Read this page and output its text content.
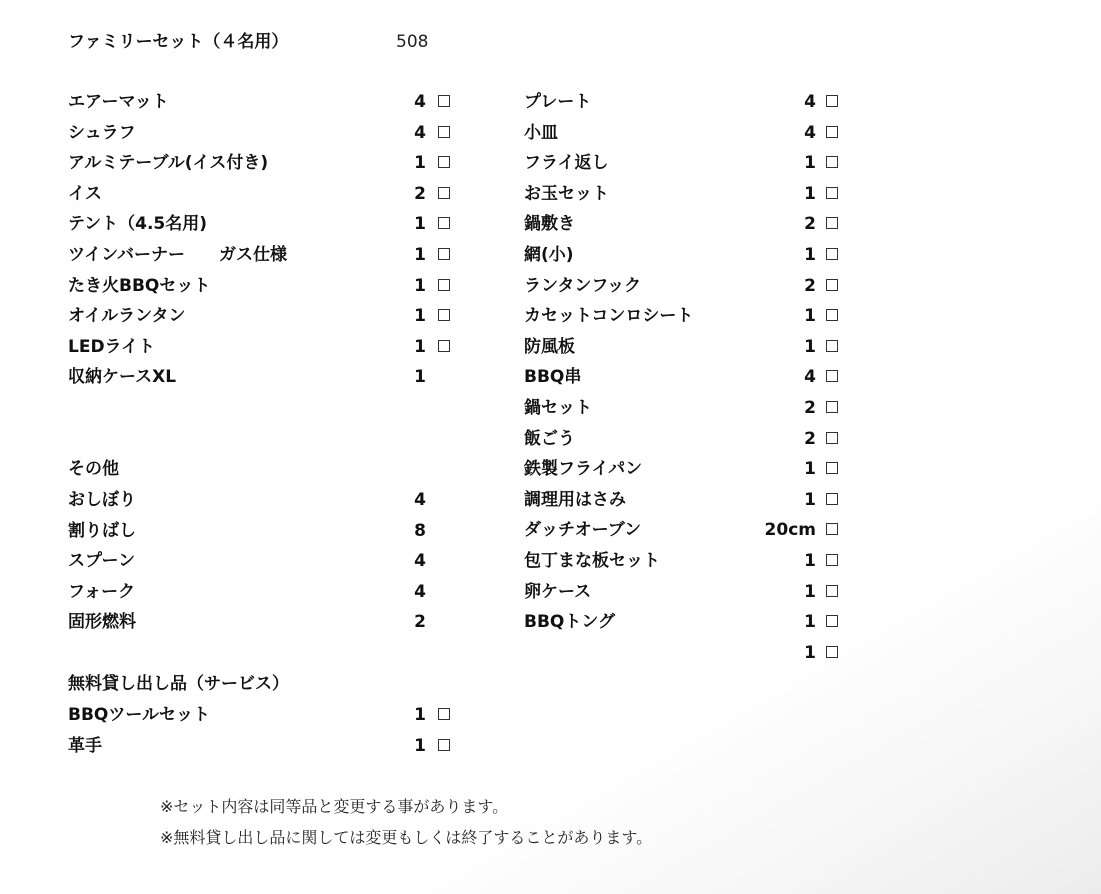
ファミリーセット（４名用）	508
エアーマット	4
シュラフ	4
アルミテーブル(イス付き)	1
イス	2
テント（4.5名用)	1
ツインバーナー　　ガス仕様	1
たき火BBQセット	1
オイルランタン	1
LEDライト	1
収納ケースXL	1
その他
おしぼり	4
割りばし	8
スプーン	4
フォーク	4
固形燃料	2
無料貸し出し品（サービス）
BBQツールセット	1
革手	1
プレート	4
小皿	4
フライ返し	1
お玉セット	1
鍋敷き	2
網(小)	1
ランタンフック	2
カセットコンロシート	1
防風板	1
BBQ串	4
鍋セット	2
飯ごう	2
鉄製フライパン	1
調理用はさみ	1
ダッチオーブン	20cm
包丁まな板セット	1
卵ケース	1
BBQトング	1
1
※セット内容は同等品と変更する事があります。
※無料貸し出し品に関しては変更もしくは終了することがあります。
